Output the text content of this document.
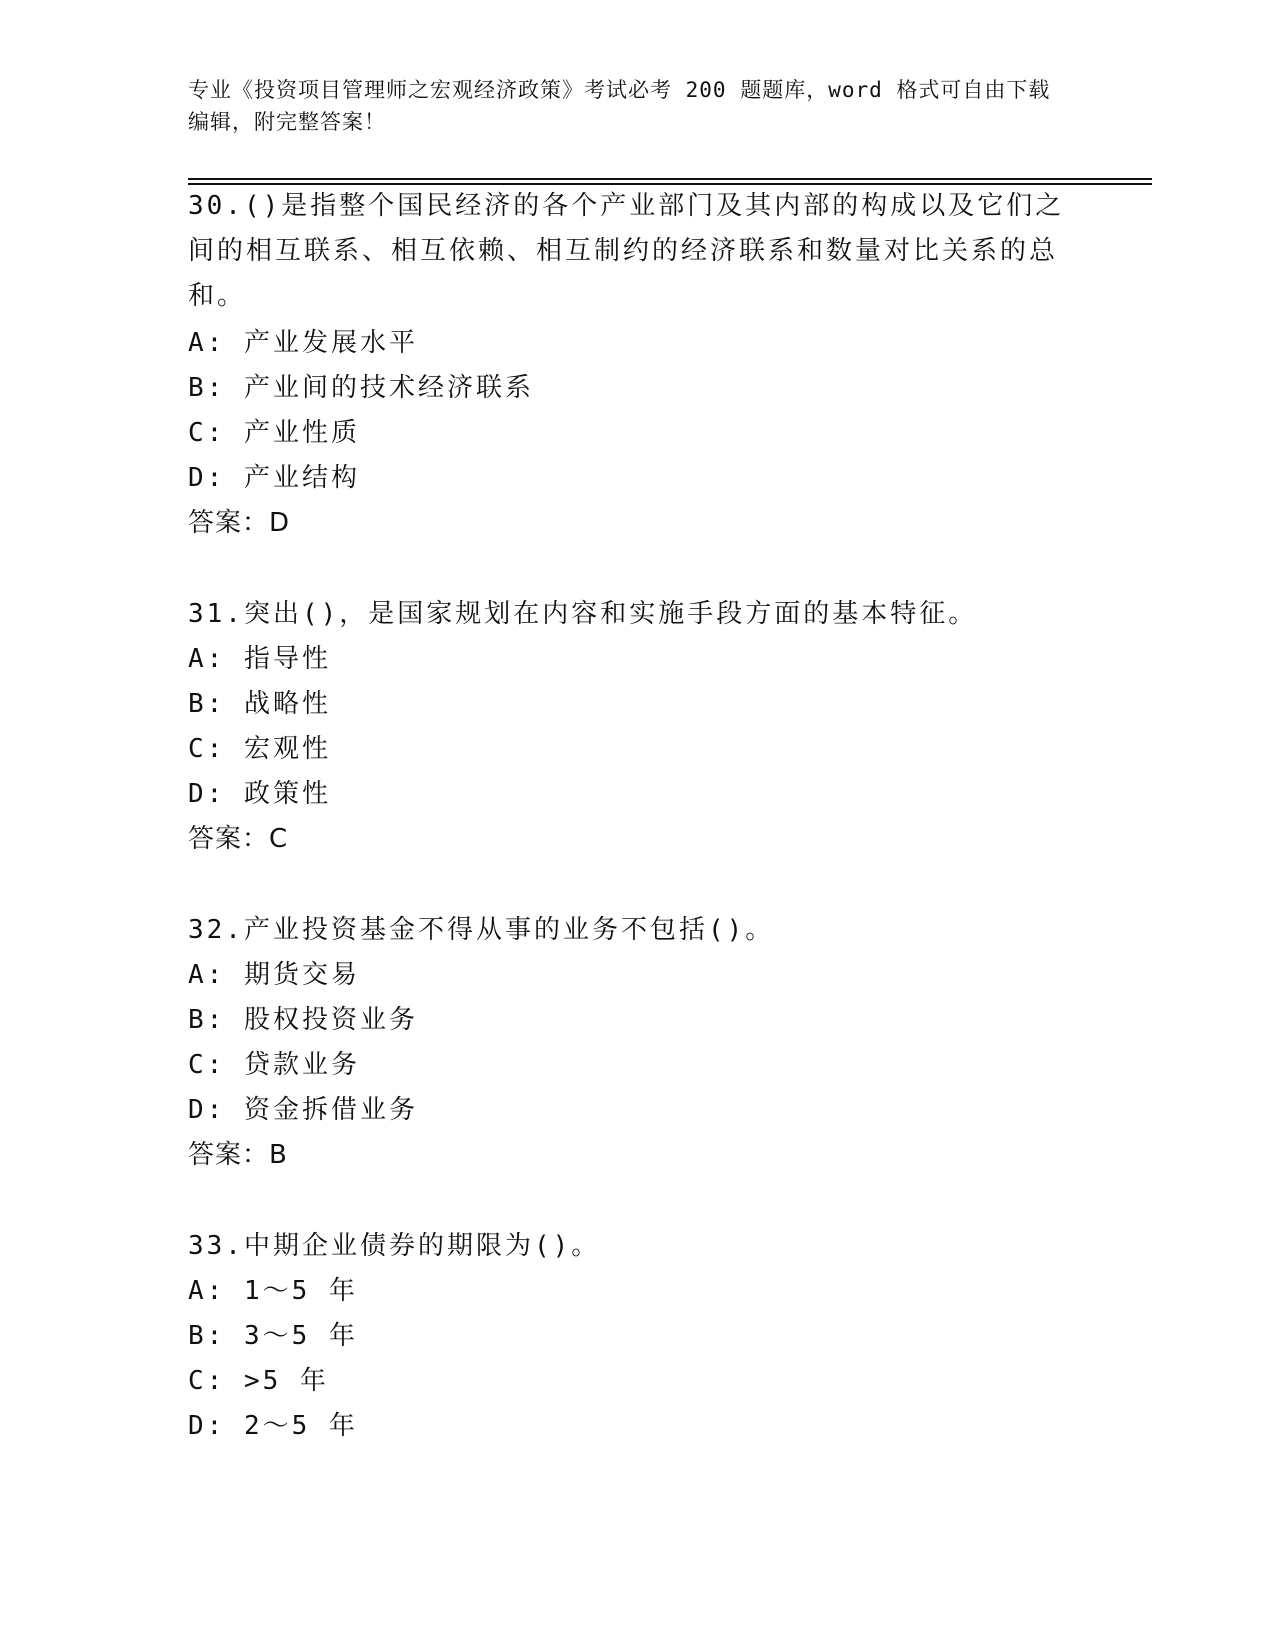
专业《投资项目管理师之宏观经济政策》考试必考 200 题题库，word 格式可自由下载编辑，附完整答案！

30.()是指整个国民经济的各个产业部门及其内部的构成以及它们之间的相互联系、相互依赖、相互制约的经济联系和数量对比关系的总和。

A: 产业发展水平

B: 产业间的技术经济联系

C: 产业性质

D: 产业结构

答案：D

31.突出()，是国家规划在内容和实施手段方面的基本特征。

A: 指导性

B: 战略性

C: 宏观性

D: 政策性

答案：C

32.产业投资基金不得从事的业务不包括()。

A: 期货交易

B: 股权投资业务

C: 贷款业务

D: 资金拆借业务

答案：B

33.中期企业债券的期限为()。

A: 1～5 年

B: 3～5 年

C: >5 年

D: 2～5 年
